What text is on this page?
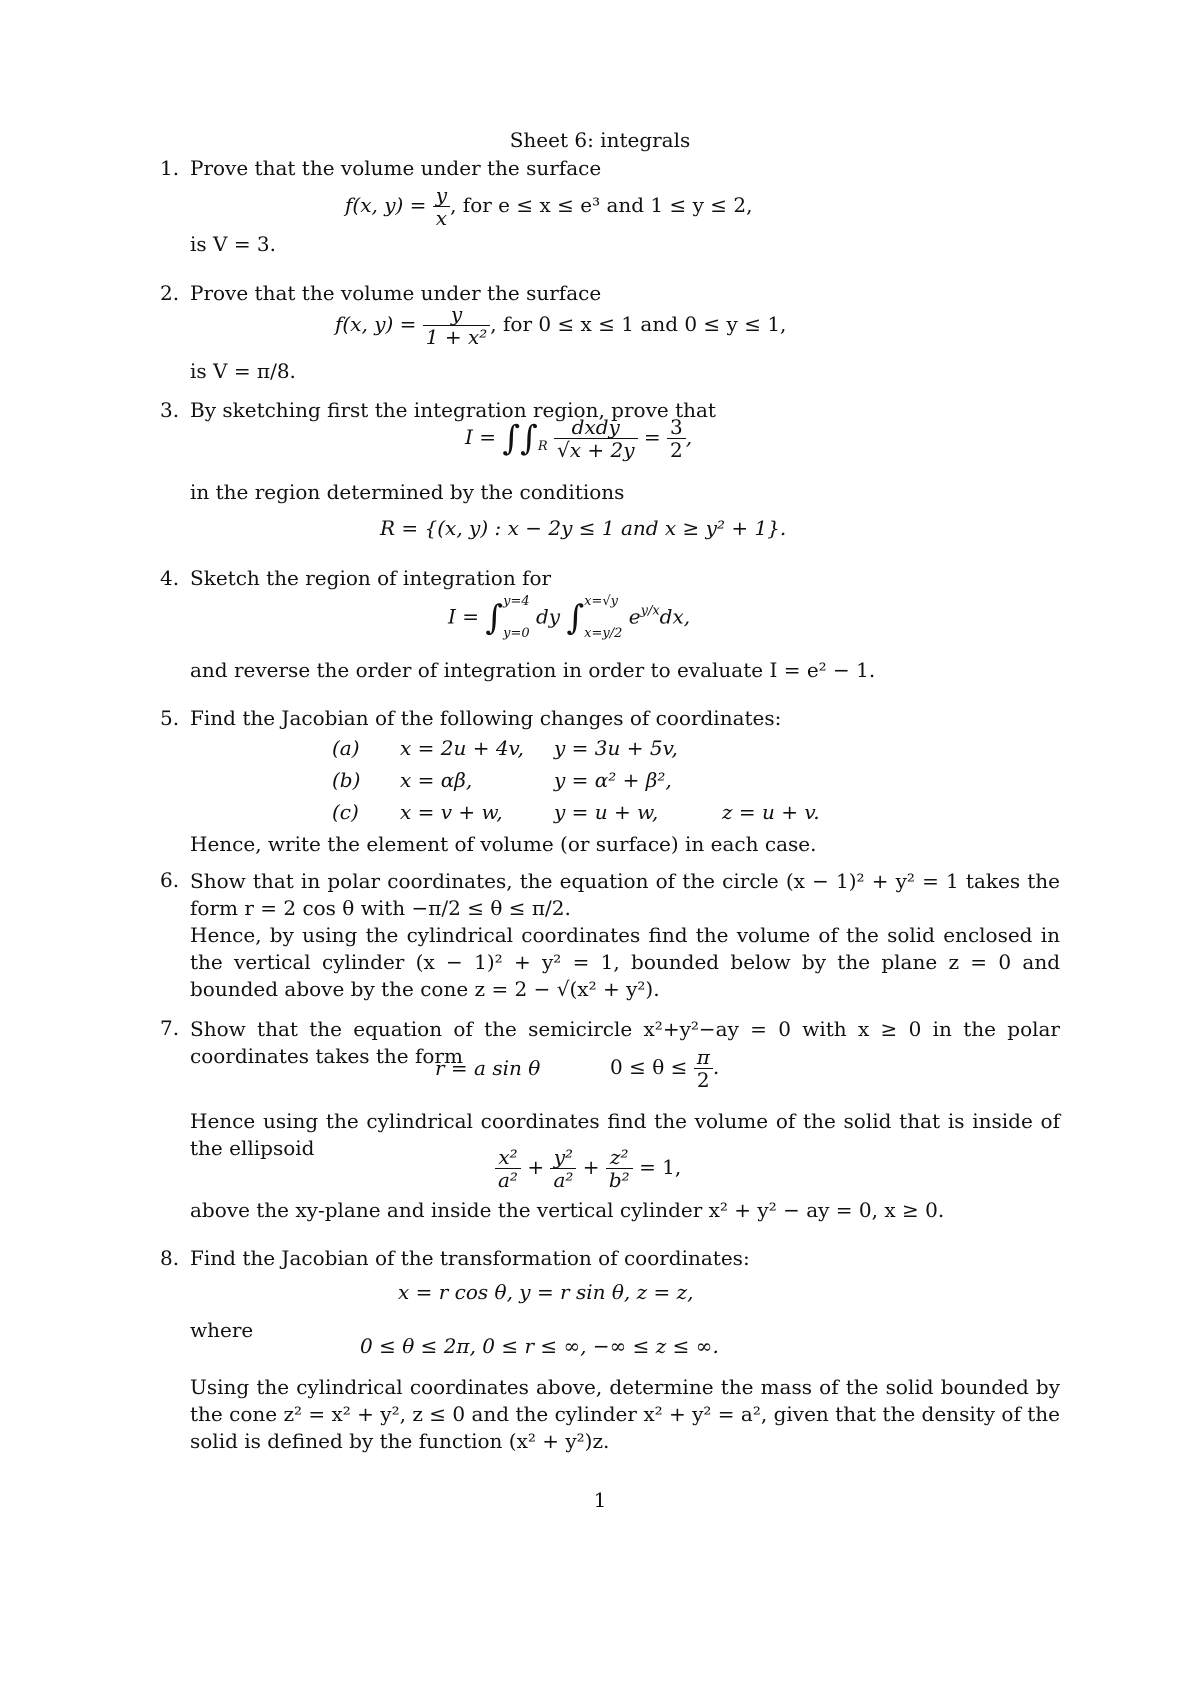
Sheet 6: integrals
1. Prove that the volume under the surface
f(x, $y) = \frac{y}{x}$ , for e ≤ x ≤ e³ and 1 ≤ y ≤ 2,
is V = 3.
2. Prove that the volume under the surface
f(x, $y) = \frac{y}{\text{1 + x²}}$ , for 0 ≤ x ≤ 1 and 0 ≤ y ≤ 1,
is V = π/8.
3. By sketching first the integration region, prove that
$I = \int\int_R \frac{\text{dxdy}}{√x + 2y} = \frac{3}{2}$ ,
in the region determined by the conditions
R = {(x, y) : x − 2y ≤ 1 and x ≥ y² + 1}.
4. Sketch the region of integration for
I = ∫ y=4
y=0
dy ∫ x=√y
x=y/2
$e^{y/x}dx$,
and reverse the order of integration in order to evaluate I = e² − 1.
5. Find the Jacobian of the following changes of coordinates:
(a) x = 2u + 4v, y = 3u + 5v,
(b) x = αβ,	y = α² + β²,
(c) x = v + w,	y = u + w,	z = u + v.
Hence, write the element of volume (or surface) in each case.
6. Show that in polar coordinates, the equation of the circle (x − 1)² + y² = 1 takes the form r = 2 cos θ with −π/2 ≤ θ ≤ π/2.
Hence, by using the cylindrical coordinates find the volume of the solid enclosed in the vertical cylinder (x − 1)² + y² = 1, bounded below by the plane z = 0 and bounded above by the cone z = 2 − √(x² + y²).
7. Show that the equation of the semicircle x²+y²−ay = 0 with x ≥ 0 in the polar coordinates takes the form
r = a sin θ	$0 \le \theta \le \frac{\pi}{2}$ .
Hence using the cylindrical coordinates find the volume of the solid that is inside of the ellipsoid	$\frac{\text{x²}}{\text{a²}} + \frac{\text{y²}}{\text{a²}} + \frac{\text{z²}}{\text{b²}} = 1$,
above the xy-plane and inside the vertical cylinder x² + y² − ay = 0, x ≥ 0.
8. Find the Jacobian of the transformation of coordinates:
x = r cos θ, y = r sin θ, z = z,
where
0 ≤ θ ≤ 2π, 0 ≤ r ≤ ∞, −∞ ≤ z ≤ ∞.
Using the cylindrical coordinates above, determine the mass of the solid bounded by the cone z² = x² + y², z ≤ 0 and the cylinder x² + y² = a², given that the density of the solid is defined by the function (x² + y²)z.
1
